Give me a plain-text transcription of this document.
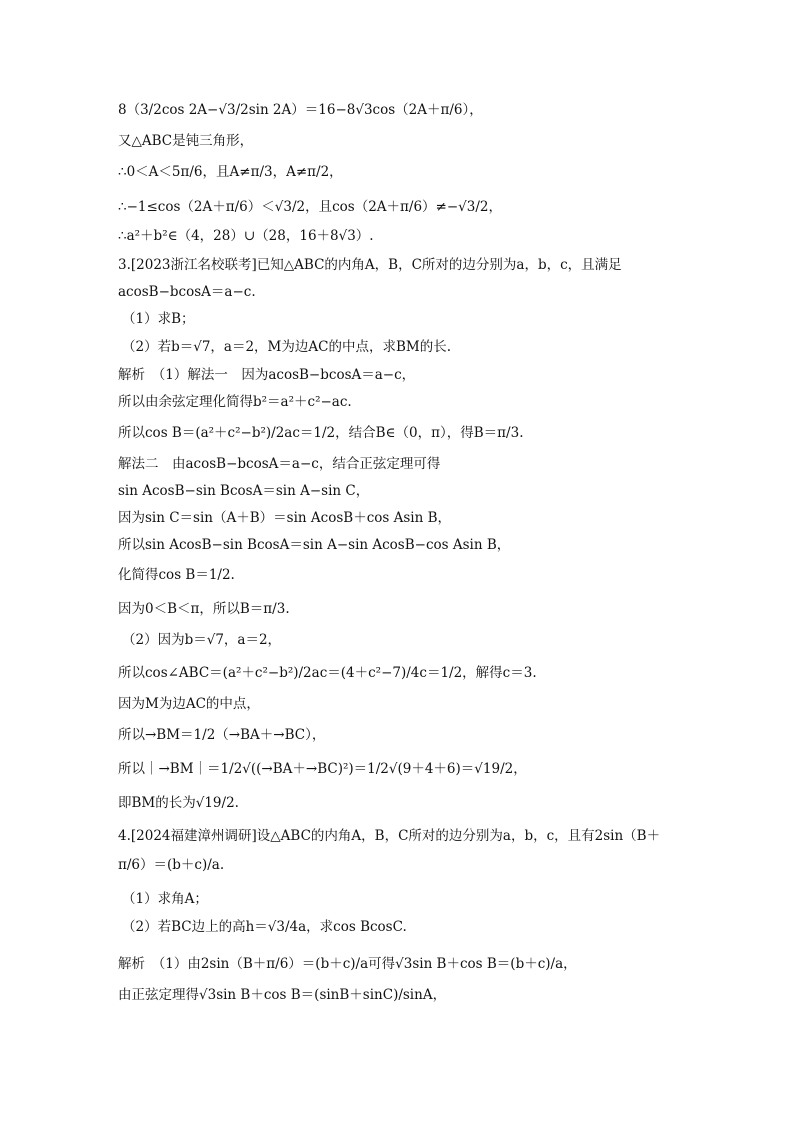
8（3/2cos 2A−√3/2sin 2A）＝16−8√3cos（2A＋π/6），
又△ABC是钝三角形，
∴0＜A＜5π/6，且A≠π/3，A≠π/2，
∴−1≤cos（2A＋π/6）＜√3/2，且cos（2A＋π/6）≠−√3/2，
∴a²＋b²∈（4，28）∪（28，16＋8√3）.
3.[2023浙江名校联考]已知△ABC的内角A，B，C所对的边分别为a，b，c，且满足
acosB−bcosA＝a−c.
（1）求B；
（2）若b＝√7，a＝2，M为边AC的中点，求BM的长.
解析　（1）解法一　因为acosB−bcosA＝a−c，
所以由余弦定理化简得b²＝a²＋c²−ac.
所以cos B＝(a²＋c²−b²)/2ac＝1/2，结合B∈（0，π），得B＝π/3.
解法二　由acosB−bcosA＝a−c，结合正弦定理可得
sin AcosB−sin BcosA＝sin A−sin C，
因为sin C＝sin（A＋B）＝sin AcosB＋cos Asin B，
所以sin AcosB−sin BcosA＝sin A−sin AcosB−cos Asin B，
化简得cos B＝1/2.
因为0＜B＜π，所以B＝π/3.
（2）因为b＝√7，a＝2，
所以cos∠ABC＝(a²＋c²−b²)/2ac＝(4＋c²−7)/4c＝1/2，解得c＝3.
因为M为边AC的中点，
所以→BM＝1/2（→BA＋→BC），
所以｜→BM｜＝1/2√((→BA＋→BC)²)＝1/2√(9＋4＋6)＝√19/2，
即BM的长为√19/2.
4.[2024福建漳州调研]设△ABC的内角A，B，C所对的边分别为a，b，c，且有2sin（B＋
π/6）＝(b＋c)/a.
（1）求角A；
（2）若BC边上的高h＝√3/4a，求cos BcosC.
解析　（1）由2sin（B＋π/6）＝(b＋c)/a可得√3sin B＋cos B＝(b＋c)/a，
由正弦定理得√3sin B＋cos B＝(sinB＋sinC)/sinA，
